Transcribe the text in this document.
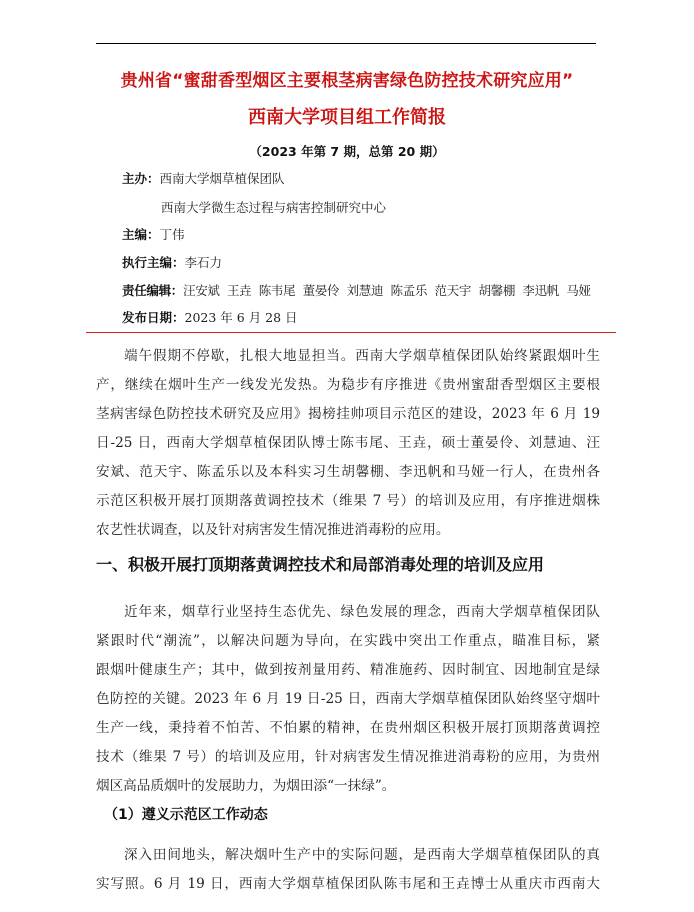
贵州省“蜜甜香型烟区主要根茎病害绿色防控技术研究应用”
西南大学项目组工作简报
（2023 年第 7 期，总第 20 期）
主办：西南大学烟草植保团队
西南大学微生态过程与病害控制研究中心
主编：丁伟
执行主编：李石力
责任编辑：汪安斌  王垚  陈韦尾  董晏伶  刘慧迪  陈孟乐  范天宇  胡馨棚  李迅帆  马娅
发布日期：2023 年 6 月 28 日
端午假期不停歇，扎根大地显担当。西南大学烟草植保团队始终紧跟烟叶生
产，继续在烟叶生产一线发光发热。为稳步有序推进《贵州蜜甜香型烟区主要根
茎病害绿色防控技术研究及应用》揭榜挂帅项目示范区的建设，2023 年 6 月 19
日-25 日，西南大学烟草植保团队博士陈韦尾、王垚，硕士董晏伶、刘慧迪、汪
安斌、范天宇、陈孟乐以及本科实习生胡馨棚、李迅帆和马娅一行人，在贵州各
示范区积极开展打顶期落黄调控技术（维果 7 号）的培训及应用，有序推进烟株
农艺性状调查，以及针对病害发生情况推进消毒粉的应用。
一、积极开展打顶期落黄调控技术和局部消毒处理的培训及应用
近年来，烟草行业坚持生态优先、绿色发展的理念，西南大学烟草植保团队
紧跟时代“潮流”，以解决问题为导向，在实践中突出工作重点，瞄准目标，紧
跟烟叶健康生产；其中，做到按剂量用药、精准施药、因时制宜、因地制宜是绿
色防控的关键。2023 年 6 月 19 日-25 日，西南大学烟草植保团队始终坚守烟叶
生产一线，秉持着不怕苦、不怕累的精神，在贵州烟区积极开展打顶期落黄调控
技术（维果 7 号）的培训及应用，针对病害发生情况推进消毒粉的应用，为贵州
烟区高品质烟叶的发展助力，为烟田添“一抹绿”。
（1）遵义示范区工作动态
深入田间地头，解决烟叶生产中的实际问题，是西南大学烟草植保团队的真
实写照。6 月 19 日，西南大学烟草植保团队陈韦尾和王垚博士从重庆市西南大
